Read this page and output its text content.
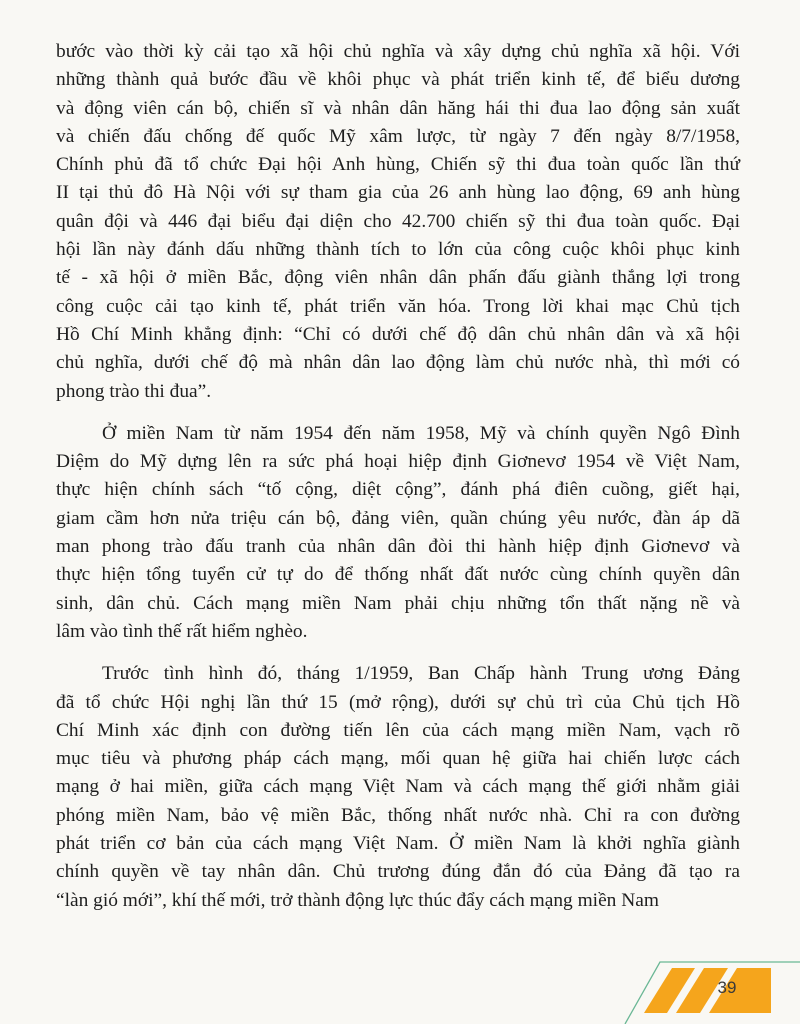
bước vào thời kỳ cải tạo xã hội chủ nghĩa và xây dựng chủ nghĩa xã hội. Với
những thành quả bước đầu về khôi phục và phát triển kinh tế, để biểu dương
và động viên cán bộ, chiến sĩ và nhân dân hăng hái thi đua lao động sản xuất
và chiến đấu chống đế quốc Mỹ xâm lược, từ ngày 7 đến ngày 8/7/1958,
Chính phủ đã tổ chức Đại hội Anh hùng, Chiến sỹ thi đua toàn quốc lần thứ
II tại thủ đô Hà Nội với sự tham gia của 26 anh hùng lao động, 69 anh hùng
quân đội và 446 đại biểu đại diện cho 42.700 chiến sỹ thi đua toàn quốc. Đại
hội lần này đánh dấu những thành tích to lớn của công cuộc khôi phục kinh
tế - xã hội ở miền Bắc, động viên nhân dân phấn đấu giành thắng lợi trong
công cuộc cải tạo kinh tế, phát triển văn hóa. Trong lời khai mạc Chủ tịch
Hồ Chí Minh khẳng định: “Chỉ có dưới chế độ dân chủ nhân dân và xã hội
chủ nghĩa, dưới chế độ mà nhân dân lao động làm chủ nước nhà, thì mới có
phong trào thi đua”.

Ở miền Nam từ năm 1954 đến năm 1958, Mỹ và chính quyền Ngô Đình
Diệm do Mỹ dựng lên ra sức phá hoại hiệp định Giơnevơ 1954 về Việt Nam,
thực hiện chính sách “tố cộng, diệt cộng”, đánh phá điên cuồng, giết hại,
giam cầm hơn nửa triệu cán bộ, đảng viên, quần chúng yêu nước, đàn áp dã
man phong trào đấu tranh của nhân dân đòi thi hành hiệp định Giơnevơ và
thực hiện tổng tuyển cử tự do để thống nhất đất nước cùng chính quyền dân
sinh, dân chủ. Cách mạng miền Nam phải chịu những tổn thất nặng nề và
lâm vào tình thế rất hiểm nghèo.

Trước tình hình đó, tháng 1/1959, Ban Chấp hành Trung ương Đảng
đã tổ chức Hội nghị lần thứ 15 (mở rộng), dưới sự chủ trì của Chủ tịch Hồ
Chí Minh xác định con đường tiến lên của cách mạng miền Nam, vạch rõ
mục tiêu và phương pháp cách mạng, mối quan hệ giữa hai chiến lược cách
mạng ở hai miền, giữa cách mạng Việt Nam và cách mạng thế giới nhằm giải
phóng miền Nam, bảo vệ miền Bắc, thống nhất nước nhà. Chỉ ra con đường
phát triển cơ bản của cách mạng Việt Nam. Ở miền Nam là khởi nghĩa giành
chính quyền về tay nhân dân. Chủ trương đúng đắn đó của Đảng đã tạo ra
“làn gió mới”, khí thế mới, trở thành động lực thúc đẩy cách mạng miền Nam

39
